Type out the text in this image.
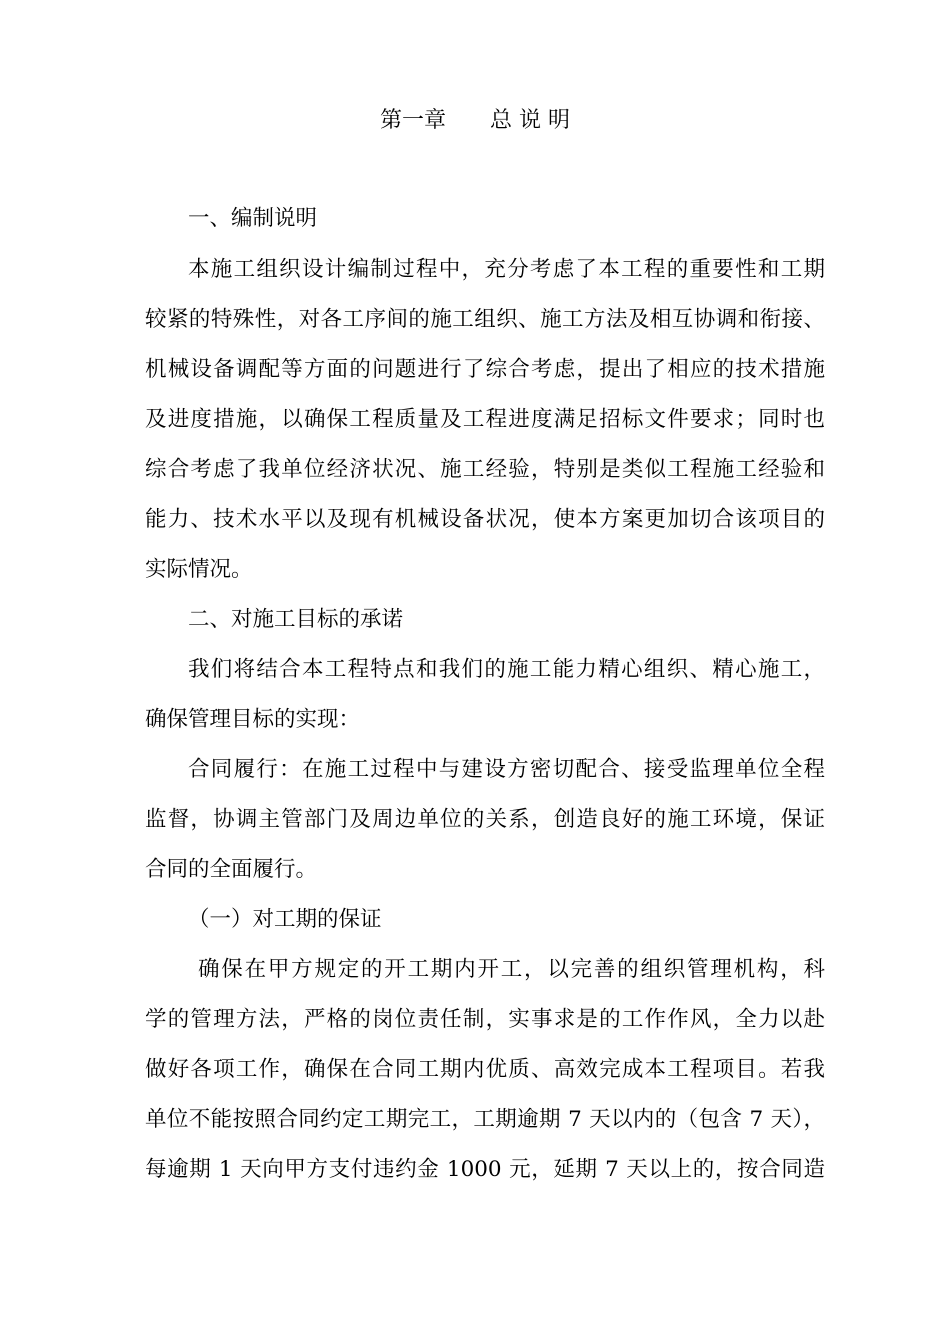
第一章　　总 说 明
一、编制说明
本施工组织设计编制过程中，充分考虑了本工程的重要性和工期
较紧的特殊性，对各工序间的施工组织、施工方法及相互协调和衔接、
机械设备调配等方面的问题进行了综合考虑，提出了相应的技术措施
及进度措施，以确保工程质量及工程进度满足招标文件要求；同时也
综合考虑了我单位经济状况、施工经验，特别是类似工程施工经验和
能力、技术水平以及现有机械设备状况，使本方案更加切合该项目的
实际情况。
二、对施工目标的承诺
我们将结合本工程特点和我们的施工能力精心组织、精心施工，
确保管理目标的实现：
合同履行：在施工过程中与建设方密切配合、接受监理单位全程
监督，协调主管部门及周边单位的关系，创造良好的施工环境，保证
合同的全面履行。
（一）对工期的保证
确保在甲方规定的开工期内开工，以完善的组织管理机构，科
学的管理方法，严格的岗位责任制，实事求是的工作作风，全力以赴
做好各项工作，确保在合同工期内优质、高效完成本工程项目。若我
单位不能按照合同约定工期完工，工期逾期 7 天以内的（包含 7 天），
每逾期 1 天向甲方支付违约金 1000 元，延期 7 天以上的，按合同造
